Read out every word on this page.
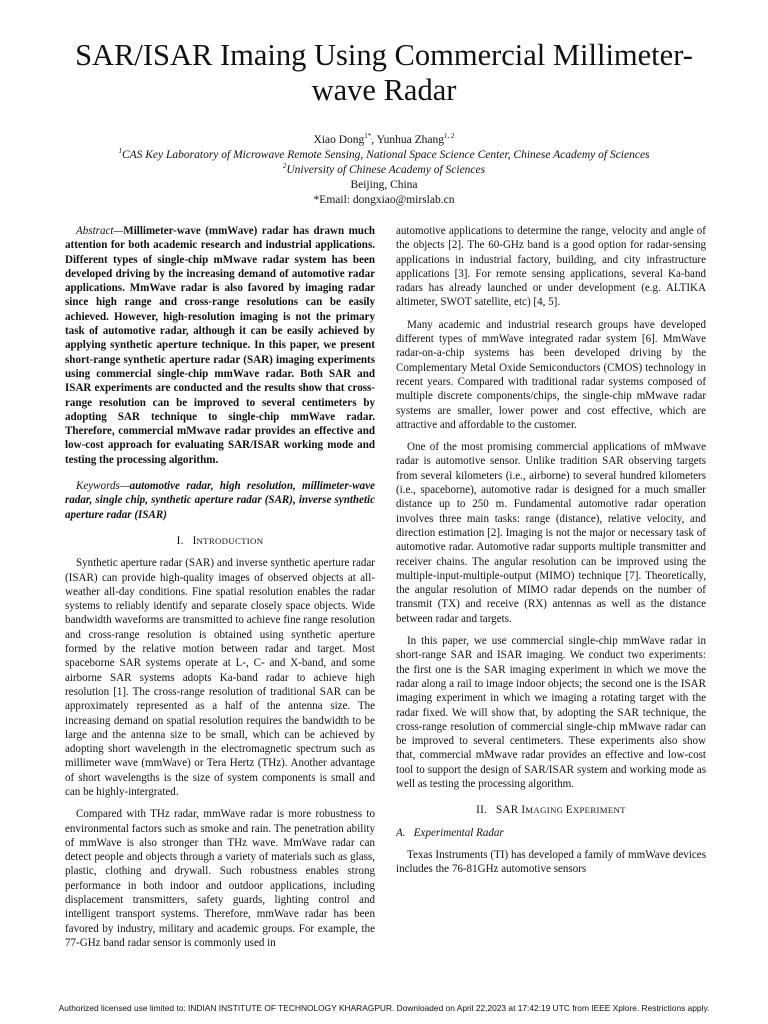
SAR/ISAR Imaing Using Commercial Millimeter-
wave Radar
Xiao Dong$^{1*}$, Yunhua Zhang$^{1, 2}$
$^1$CAS Key Laboratory of Microwave Remote Sensing, National Space Science Center, Chinese Academy of Sciences
$^2$University of Chinese Academy of Sciences
Beijing, China
*Email: dongxiao@mirslab.cn

Abstract—Millimeter-wave (mmWave) radar has drawn much attention for both academic research and industrial applications. Different types of single-chip mMwave radar system has been developed driving by the increasing demand of automotive radar applications. MmWave radar is also favored by imaging radar since high range and cross-range resolutions can be easily achieved. However, high-resolution imaging is not the primary task of automotive radar, although it can be easily achieved by applying synthetic aperture technique. In this paper, we present short-range synthetic aperture radar (SAR) imaging experiments using commercial single-chip mmWave radar. Both SAR and ISAR experiments are conducted and the results show that cross-range resolution can be improved to several centimeters by adopting SAR technique to single-chip mmWave radar. Therefore, commercial mMwave radar provides an effective and low-cost approach for evaluating SAR/ISAR working mode and testing the processing algorithm.

Keywords—automotive radar, high resolution, millimeter-wave radar, single chip, synthetic aperture radar (SAR), inverse synthetic aperture radar (ISAR)

I. INTRODUCTION

Synthetic aperture radar (SAR) and inverse synthetic aperture radar (ISAR) can provide high-quality images of observed objects at all-weather all-day conditions. Fine spatial resolution enables the radar systems to reliably identify and separate closely space objects. Wide bandwidth waveforms are transmitted to achieve fine range resolution and cross-range resolution is obtained using synthetic aperture formed by the relative motion between radar and target. Most spaceborne SAR systems operate at L-, C- and X-band, and some airborne SAR systems adopts Ka-band radar to achieve high resolution [1]. The cross-range resolution of traditional SAR can be approximately represented as a half of the antenna size. The increasing demand on spatial resolution requires the bandwidth to be large and the antenna size to be small, which can be achieved by adopting short wavelength in the electromagnetic spectrum such as millimeter wave (mmWave) or Tera Hertz (THz). Another advantage of short wavelengths is the size of system components is small and can be highly-intergrated.

Compared with THz radar, mmWave radar is more robustness to environmental factors such as smoke and rain. The penetration ability of mmWave is also stronger than THz wave. MmWave radar can detect people and objects through a variety of materials such as glass, plastic, clothing and drywall. Such robustness enables strong performance in both indoor and outdoor applications, including displacement transmitters, safety guards, lighting control and intelligent transport systems. Therefore, mmWave radar has been favored by industry, military and academic groups. For example, the 77-GHz band radar sensor is commonly used in

automotive applications to determine the range, velocity and angle of the objects [2]. The 60-GHz band is a good option for radar-sensing applications in industrial factory, building, and city infrastructure applications [3]. For remote sensing applications, several Ka-band radars has already launched or under development (e.g. ALTIKA altimeter, SWOT satellite, etc) [4, 5].

Many academic and industrial research groups have developed different types of mmWave integrated radar system [6]. MmWave radar-on-a-chip systems has been developed driving by the Complementary Metal Oxide Semiconductors (CMOS) technology in recent years. Compared with traditional radar systems composed of multiple discrete components/chips, the single-chip mMwave radar systems are smaller, lower power and cost effective, which are attractive and affordable to the customer.

One of the most promising commercial applications of mMwave radar is automotive sensor. Unlike tradition SAR observing targets from several kilometers (i.e., airborne) to several hundred kilometers (i.e., spaceborne), automotive radar is designed for a much smaller distance up to 250 m. Fundamental automotive radar operation involves three main tasks: range (distance), relative velocity, and direction estimation [2]. Imaging is not the major or necessary task of automotive radar. Automotive radar supports multiple transmitter and receiver chains. The angular resolution can be improved using the multiple-input-multiple-output (MIMO) technique [7]. Theoretically, the angular resolution of MIMO radar depends on the number of transmit (TX) and receive (RX) antennas as well as the distance between radar and targets.

In this paper, we use commercial single-chip mmWave radar in short-range SAR and ISAR imaging. We conduct two experiments: the first one is the SAR imaging experiment in which we move the radar along a rail to image indoor objects; the second one is the ISAR imaging experiment in which we imaging a rotating target with the radar fixed. We will show that, by adopting the SAR technique, the cross-range resolution of commercial single-chip mMwave radar can be improved to several centimeters. These experiments also show that, commercial mMwave radar provides an effective and low-cost tool to support the design of SAR/ISAR system and working mode as well as testing the processing algorithm.

II. SAR IMAGING EXPERIMENT

A.   Experimental Radar

Texas Instruments (TI) has developed a family of mmWave devices includes the 76-81GHz automotive sensors

Authorized licensed use limited to: INDIAN INSTITUTE OF TECHNOLOGY KHARAGPUR. Downloaded on April 22,2023 at 17:42:19 UTC from IEEE Xplore. Restrictions apply.
